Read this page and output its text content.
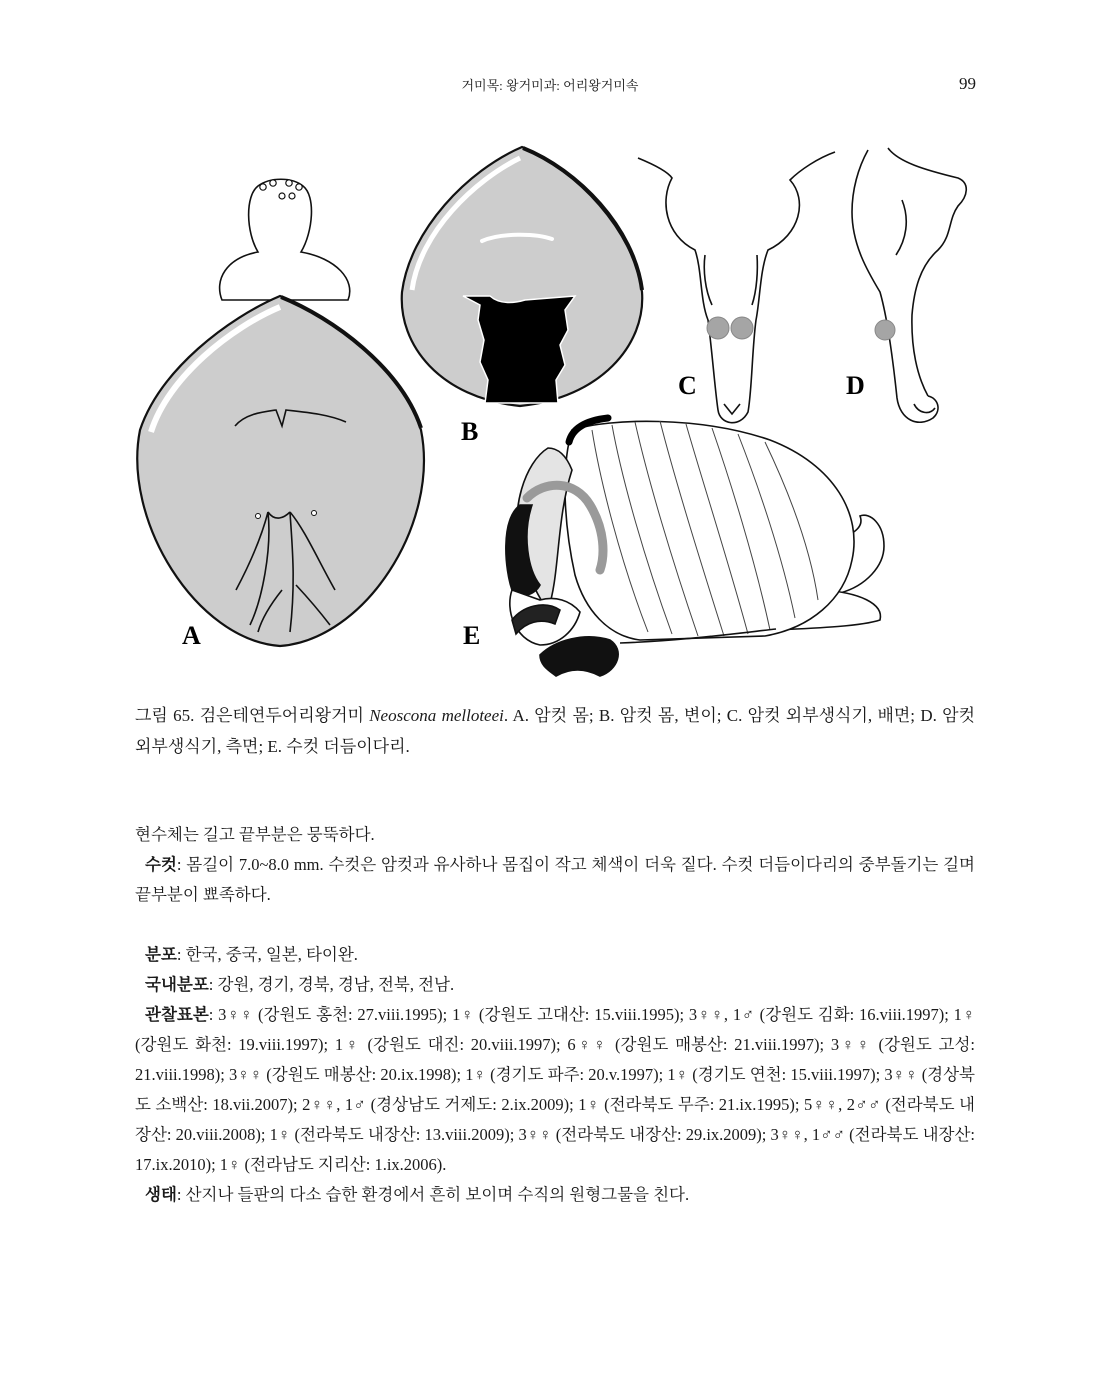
거미목: 왕거미과: 어리왕거미속	99
A
B
C	D
E

그림 65. 검은테연두어리왕거미 Neoscona melloteei. A. 암컷 몸; B. 암컷 몸, 변이; C. 암컷 외부생식기, 배면; D. 암컷 외부생식기, 측면; E. 수컷 더듬이다리.

현수체는 길고 끝부분은 뭉뚝하다.

수컷: 몸길이 7.0~8.0 mm. 수컷은 암컷과 유사하나 몸집이 작고 체색이 더욱 짙다. 수컷 더듬이다리의 중부돌기는 길며 끝부분이 뾰족하다.

분포: 한국, 중국, 일본, 타이완.

국내분포: 강원, 경기, 경북, 경남, 전북, 전남.

관찰표본: 3♀♀ (강원도 홍천: 27.viii.1995); 1♀ (강원도 고대산: 15.viii.1995); 3♀♀, 1♂ (강원도 김화: 16.viii.1997); 1♀ (강원도 화천: 19.viii.1997); 1♀ (강원도 대진: 20.viii.1997); 6♀♀ (강원도 매봉산: 21.viii.1997); 3♀♀ (강원도 고성: 21.viii.1998); 3♀♀ (강원도 매봉산: 20.ix.1998); 1♀ (경기도 파주: 20.v.1997); 1♀ (경기도 연천: 15.viii.1997); 3♀♀ (경상북도 소백산: 18.vii.2007); 2♀♀, 1♂ (경상남도 거제도: 2.ix.2009); 1♀ (전라북도 무주: 21.ix.1995); 5♀♀, 2♂♂ (전라북도 내장산: 20.viii.2008); 1♀ (전라북도 내장산: 13.viii.2009); 3♀♀ (전라북도 내장산: 29.ix.2009); 3♀♀, 1♂♂ (전라북도 내장산: 17.ix.2010); 1♀ (전라남도 지리산: 1.ix.2006).

생태: 산지나 들판의 다소 습한 환경에서 흔히 보이며 수직의 원형그물을 친다.
